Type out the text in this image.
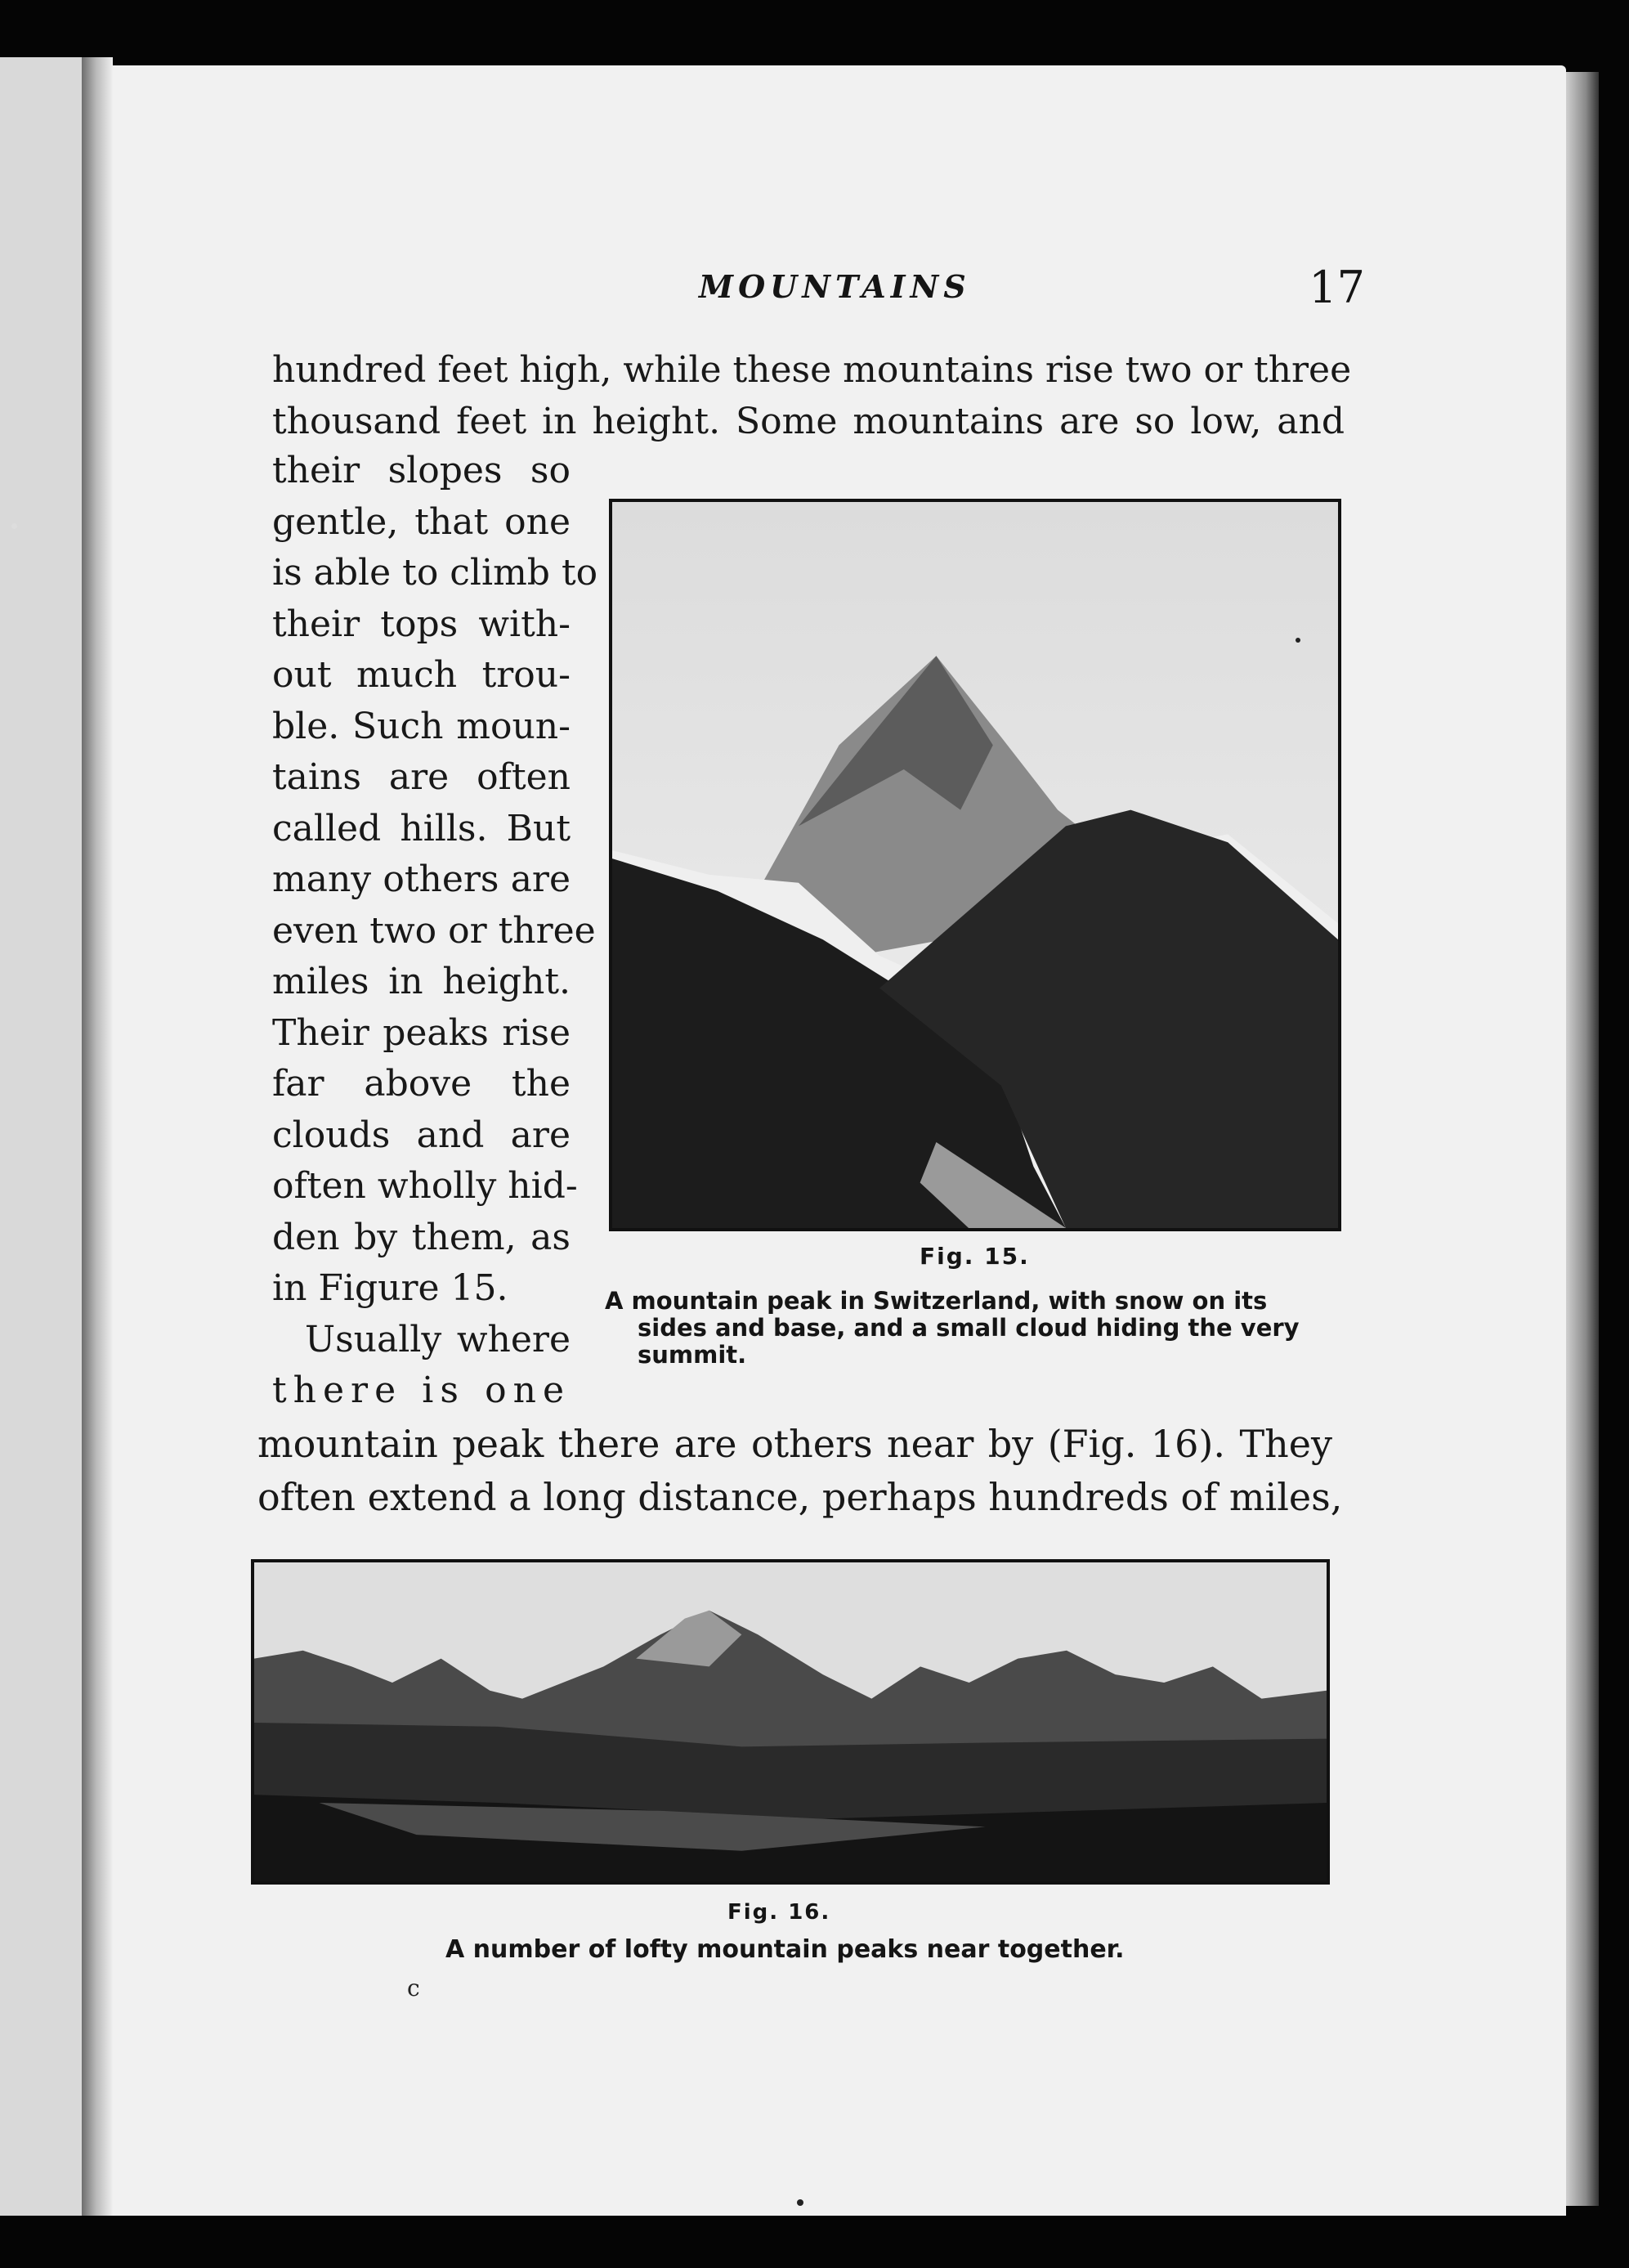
MOUNTAINS	17
hundred feet high, while these mountains rise two or three
thousand feet in height. Some mountains are so low, and
their slopes so
gentle, that one
is able to climb to
their tops with-
out much trou-
ble. Such moun-
tains are often
called hills. But
many others are
even two or three
miles in height.
Their peaks rise
far above the
clouds and are
often wholly hid-
den by them, as
in Figure 15.
Usually where
there is one
Fig. 15.
A mountain peak in Switzerland, with snow on its sides and base, and a small cloud hiding the very summit.
mountain peak there are others near by (Fig. 16). They
often extend a long distance, perhaps hundreds of miles,
Fig. 16.
A number of lofty mountain peaks near together.
c
